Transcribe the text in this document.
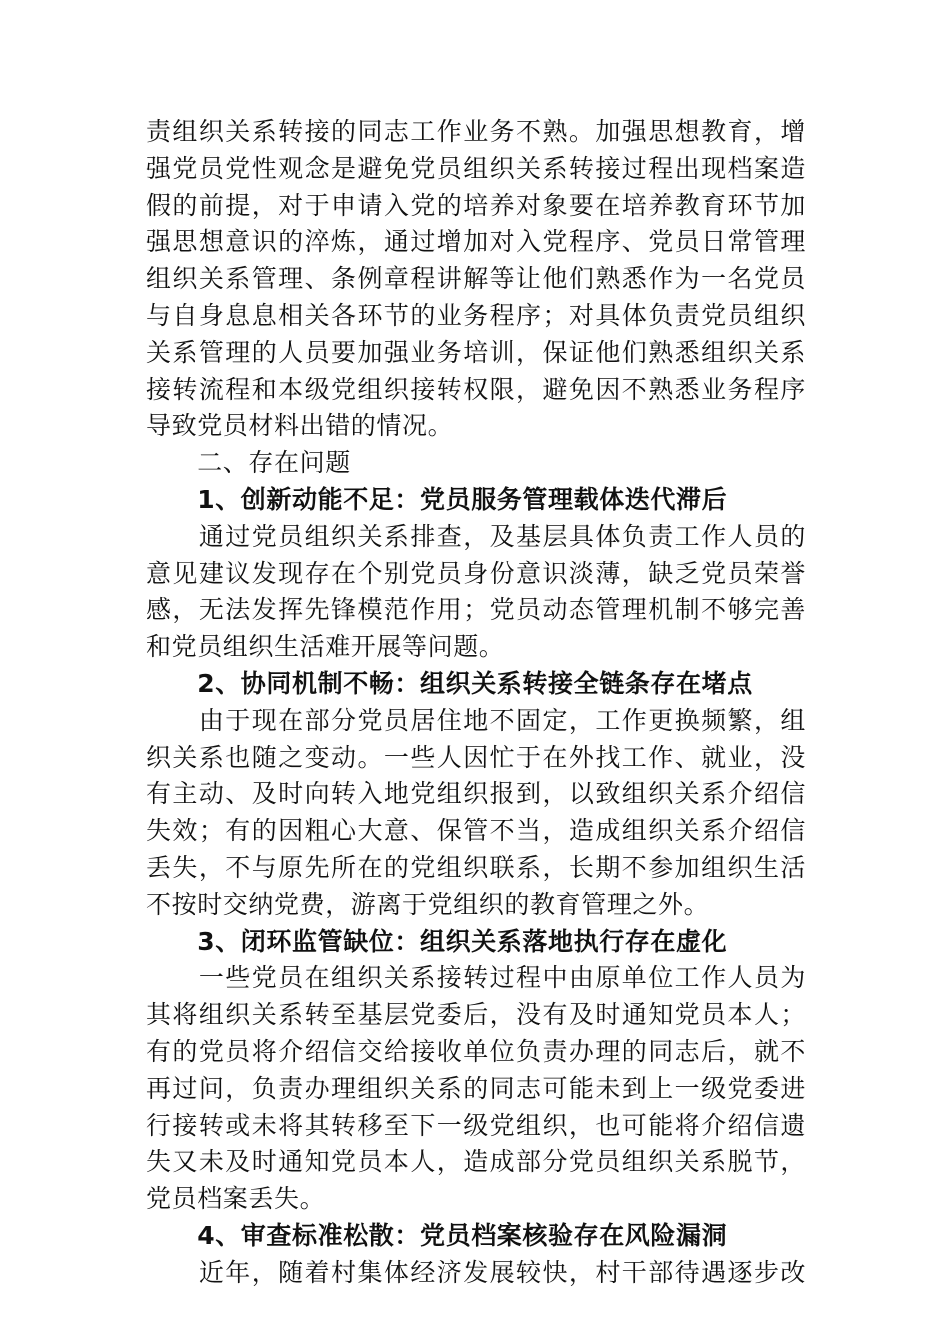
责组织关系转接的同志工作业务不熟。加强思想教育，增
强党员党性观念是避免党员组织关系转接过程出现档案造
假的前提，对于申请入党的培养对象要在培养教育环节加
强思想意识的淬炼，通过增加对入党程序、党员日常管理
组织关系管理、条例章程讲解等让他们熟悉作为一名党员
与自身息息相关各环节的业务程序；对具体负责党员组织
关系管理的人员要加强业务培训，保证他们熟悉组织关系
接转流程和本级党组织接转权限，避免因不熟悉业务程序
导致党员材料出错的情况。
　　二、存在问题
　　1、创新动能不足：党员服务管理载体迭代滞后
　　通过党员组织关系排查，及基层具体负责工作人员的
意见建议发现存在个别党员身份意识淡薄，缺乏党员荣誉
感，无法发挥先锋模范作用；党员动态管理机制不够完善
和党员组织生活难开展等问题。
　　2、协同机制不畅：组织关系转接全链条存在堵点
　　由于现在部分党员居住地不固定，工作更换频繁，组
织关系也随之变动。一些人因忙于在外找工作、就业，没
有主动、及时向转入地党组织报到，以致组织关系介绍信
失效；有的因粗心大意、保管不当，造成组织关系介绍信
丢失，不与原先所在的党组织联系，长期不参加组织生活
不按时交纳党费，游离于党组织的教育管理之外。
　　3、闭环监管缺位：组织关系落地执行存在虚化
　　一些党员在组织关系接转过程中由原单位工作人员为
其将组织关系转至基层党委后，没有及时通知党员本人；
有的党员将介绍信交给接收单位负责办理的同志后，就不
再过问，负责办理组织关系的同志可能未到上一级党委进
行接转或未将其转移至下一级党组织，也可能将介绍信遗
失又未及时通知党员本人，造成部分党员组织关系脱节，
党员档案丢失。
　　4、审查标准松散：党员档案核验存在风险漏洞
　　近年，随着村集体经济发展较快，村干部待遇逐步改
